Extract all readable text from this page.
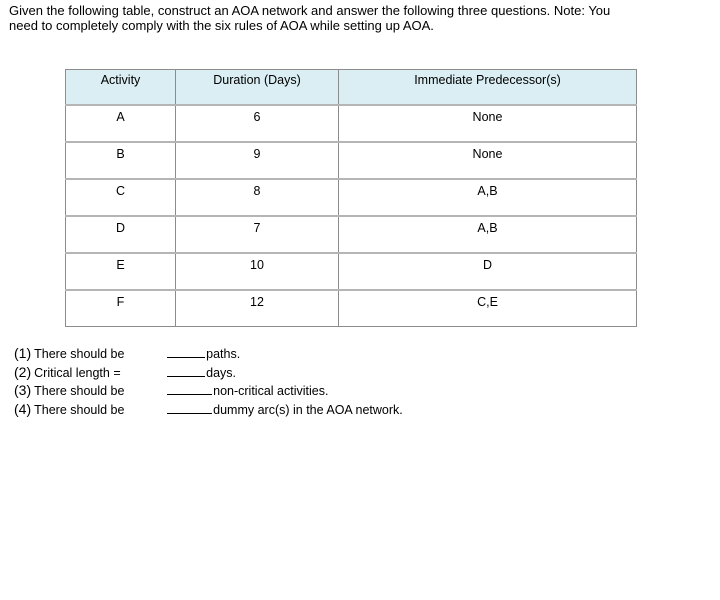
Given the following table, construct an AOA network and answer the following three questions. Note: You

need to completely comply with the six rules of AOA while setting up AOA.

Activity	Duration (Days)	Immediate Predecessor(s)
A	6	None
B	9	None
C	8	A,B
D	7	A,B
E	10	D
F	12	C,E
(1) There should be	paths.
(2) Critical length =	days.
(3) There should be	non-critical activities.
(4) There should be	dummy arc(s) in the AOA network.
